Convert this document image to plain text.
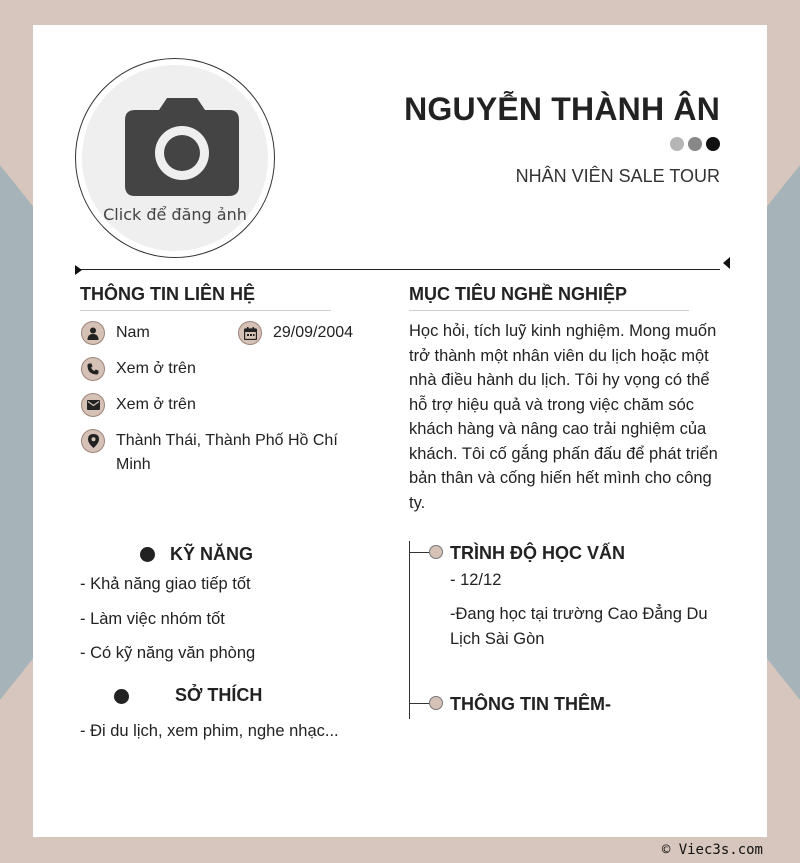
Click để đăng ảnh
NGUYỄN THÀNH ÂN
NHÂN VIÊN SALE TOUR
THÔNG TIN LIÊN HỆ
Nam	29/09/2004
Xem ở trên
Xem ở trên
Thành Thái, Thành Phố Hồ Chí Minh
MỤC TIÊU NGHỀ NGHIỆP
Học hỏi, tích luỹ kinh nghiệm. Mong muốn trở thành một nhân viên du lịch hoặc một nhà điều hành du lịch. Tôi hy vọng có thể hỗ trợ hiệu quả và trong việc chăm sóc khách hàng và nâng cao trải nghiệm của khách. Tôi cố gắng phấn đấu để phát triển bản thân và cống hiến hết mình cho công ty.
KỸ NĂNG
- Khả năng giao tiếp tốt
- Làm việc nhóm tốt
- Có kỹ năng văn phòng
SỞ THÍCH
- Đi du lịch, xem phim, nghe nhạc...
TRÌNH ĐỘ HỌC VẤN
- 12/12
-Đang học tại trường Cao Đẳng Du Lịch Sài Gòn
THÔNG TIN THÊM-
© Viec3s.com
